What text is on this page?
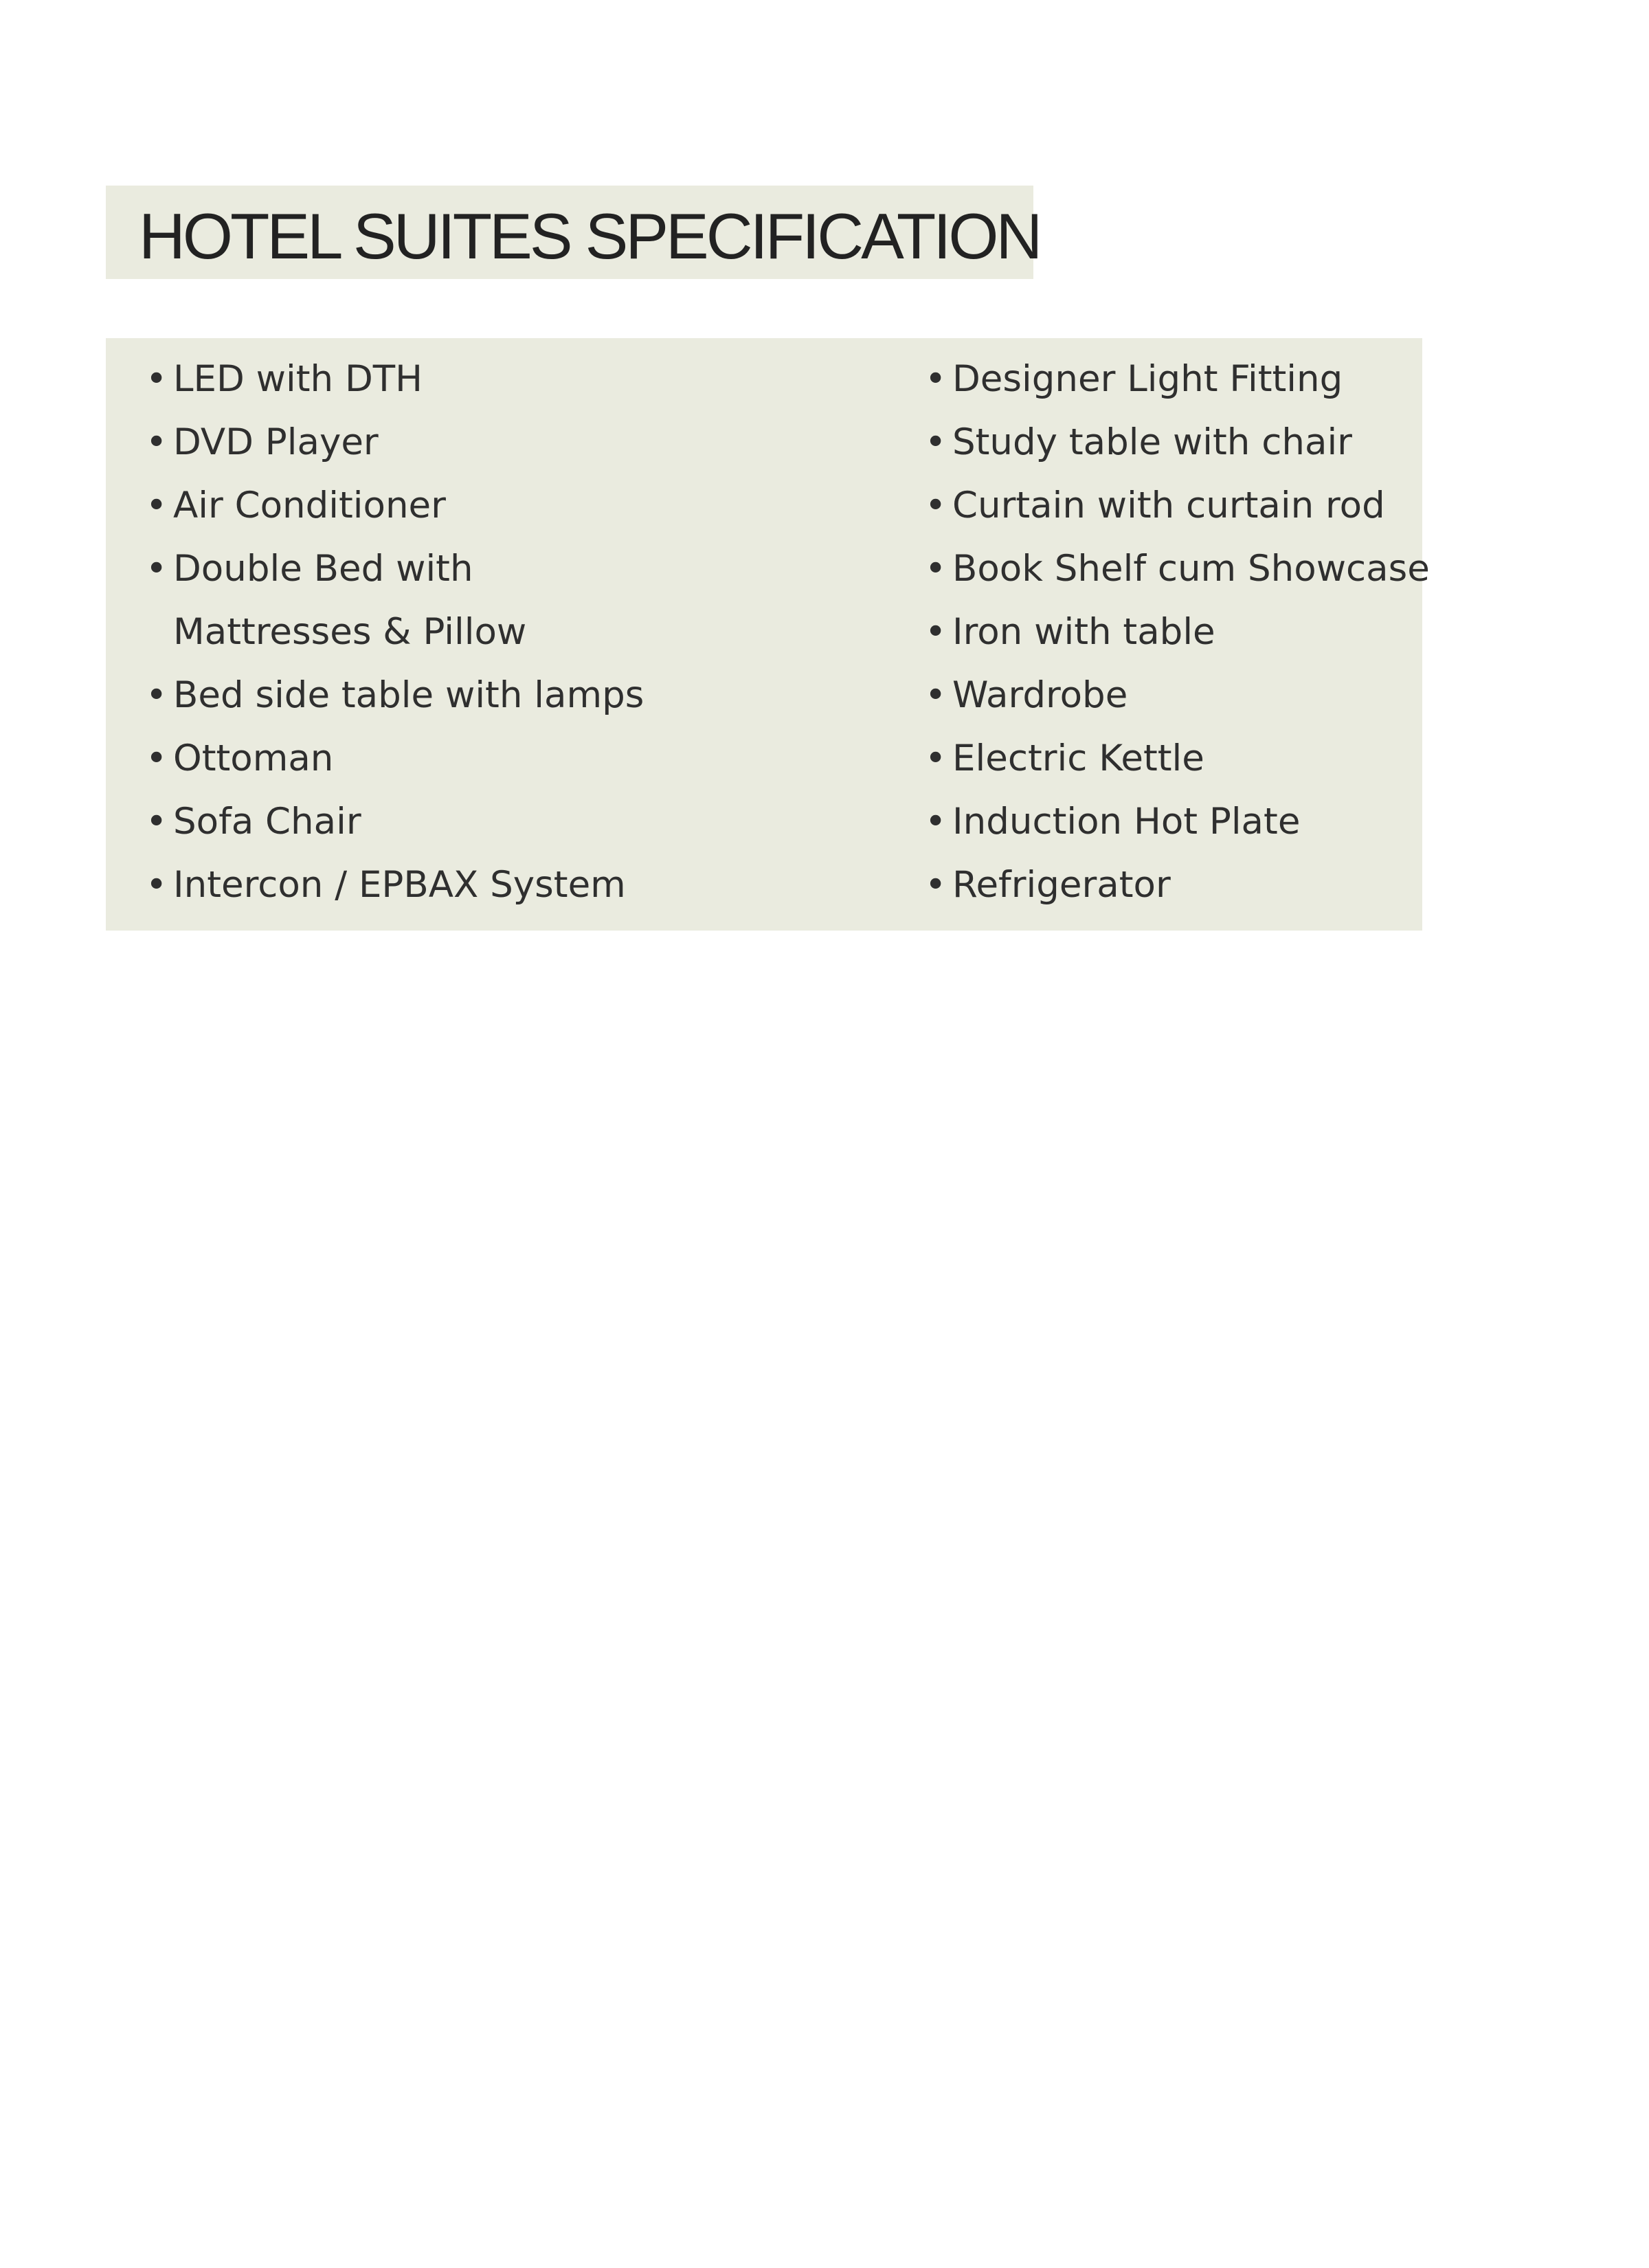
HOTEL SUITES SPECIFICATION
• LED with DTH
• DVD Player
• Air Conditioner
• Double Bed with
Mattresses & Pillow
• Bed side table with lamps
• Ottoman
• Sofa Chair
• Intercon / EPBAX System
• Designer Light Fitting
• Study table with chair
• Curtain with curtain rod
• Book Shelf cum Showcase
• Iron with table
• Wardrobe
• Electric Kettle
• Induction Hot Plate
• Refrigerator
